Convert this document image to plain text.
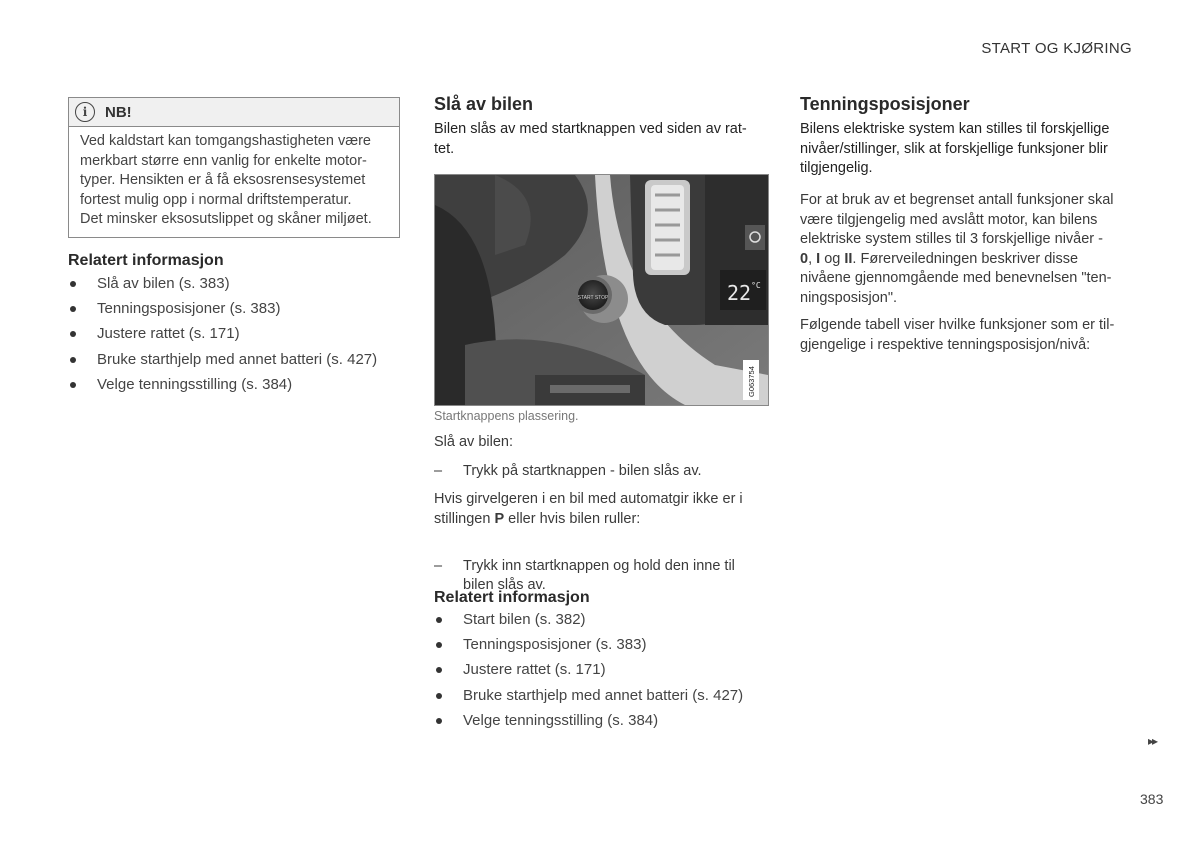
START OG KJØRING
▸▸
383
i	NB!
Ved kaldstart kan tomgangshastigheten være
merkbart større enn vanlig for enkelte motor-
typer. Hensikten er å få eksosrensesystemet
fortest mulig opp i normal driftstemperatur.
Det minsker eksosutslippet og skåner miljøet.
Relatert informasjon
Slå av bilen (s. 383)
Tenningsposisjoner (s. 383)
Justere rattet (s. 171)
Bruke starthjelp med annet batteri (s. 427)
Velge tenningsstilling (s. 384)
Slå av bilen
Bilen slås av med startknappen ved siden av rat-
tet.
START STOP
G063754
$22^{^\circ C}$
Startknappens plassering.
Slå av bilen:
– Trykk på startknappen - bilen slås av.
Hvis girvelgeren i en bil med automatgir ikke er i
stillingen P eller hvis bilen ruller:
– Trykk inn startknappen og hold den inne til
bilen slås av.
Relatert informasjon
Start bilen (s. 382)
Tenningsposisjoner (s. 383)
Justere rattet (s. 171)
Bruke starthjelp med annet batteri (s. 427)
Velge tenningsstilling (s. 384)
Tenningsposisjoner
Bilens elektriske system kan stilles til forskjellige
nivåer/stillinger, slik at forskjellige funksjoner blir
tilgjengelig.
For at bruk av et begrenset antall funksjoner skal
være tilgjengelig med avslått motor, kan bilens
elektriske system stilles til 3 forskjellige nivåer -
0, I og II. Førerveiledningen beskriver disse
nivåene gjennomgående med benevnelsen "ten-
ningsposisjon".
Følgende tabell viser hvilke funksjoner som er til-
gjengelige i respektive tenningsposisjon/nivå:
